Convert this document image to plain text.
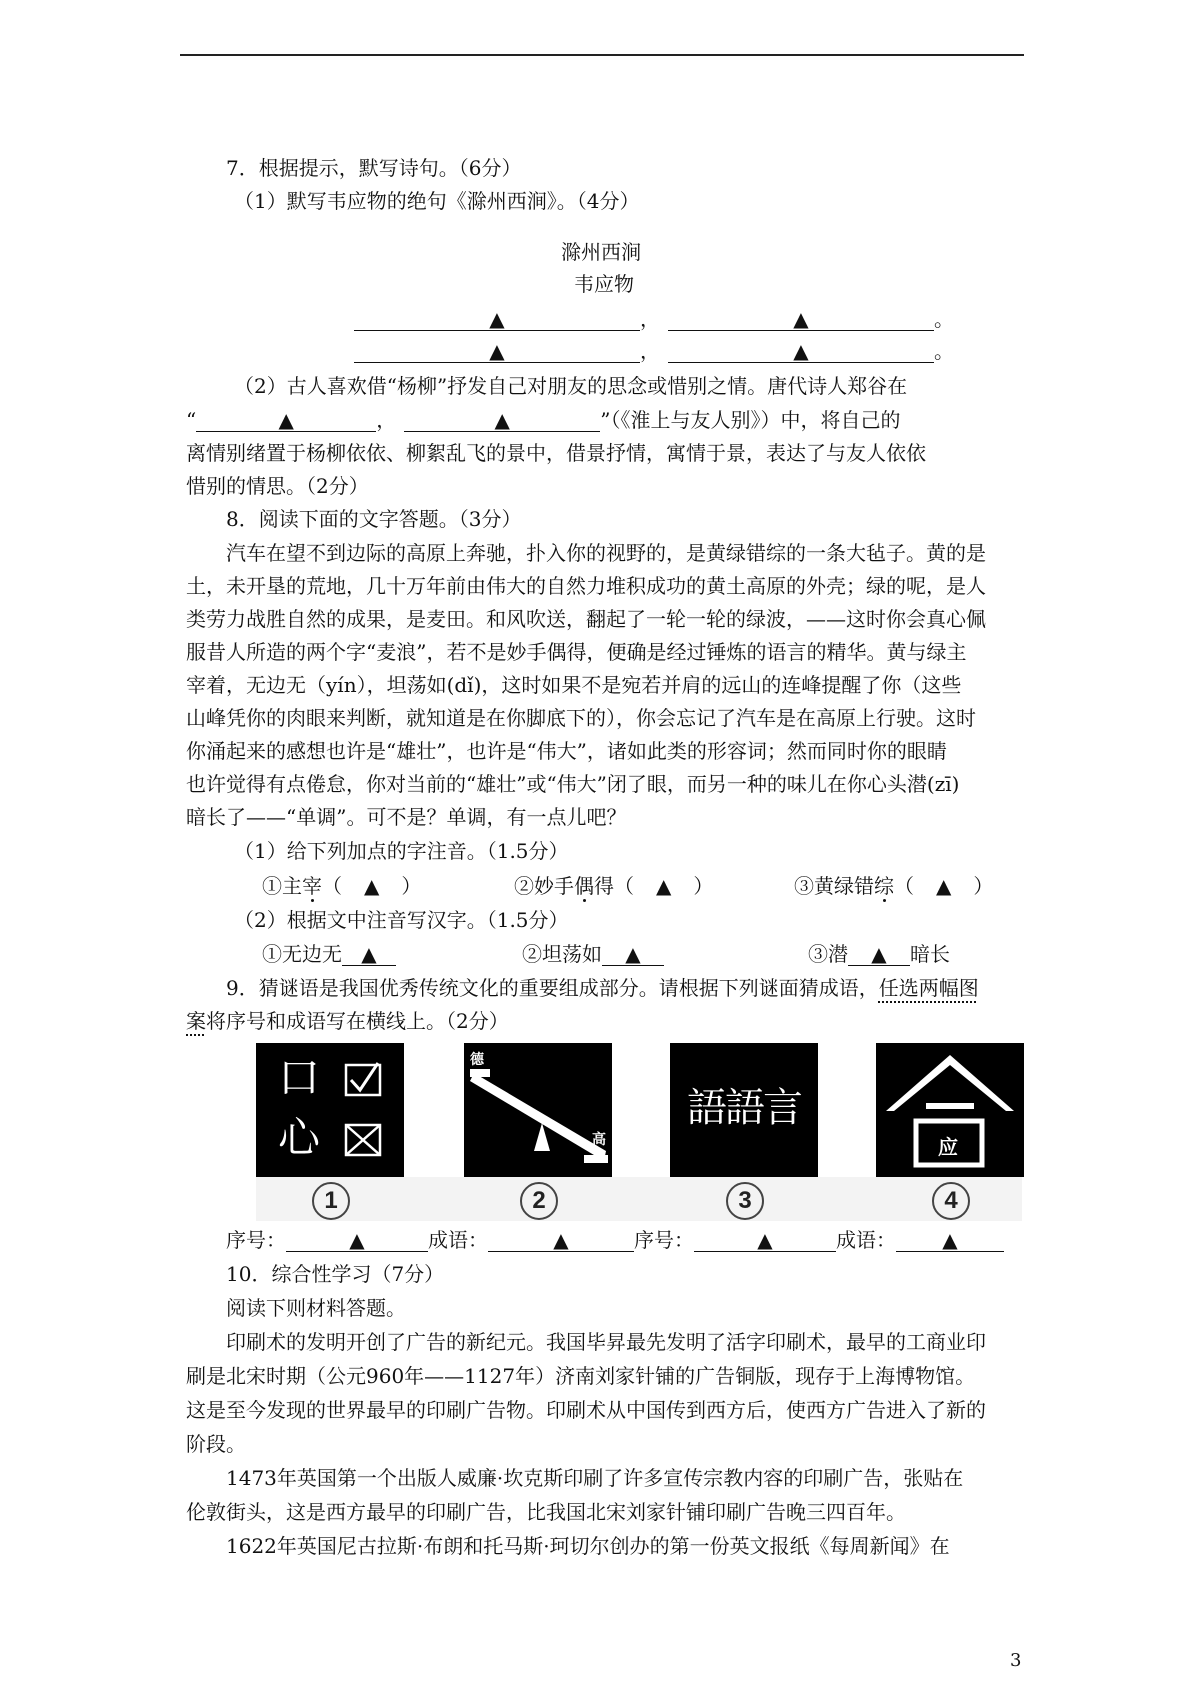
7．根据提示，默写诗句。（6分）
（1）默写韦应物的绝句《滁州西涧》。（4分）
滁州西涧
韦应物
▲	，	▲	。
▲	，	▲	。
（2）古人喜欢借“杨柳”抒发自己对朋友的思念或惜别之情。唐代诗人郑谷在
“	▲	，	▲	”（《淮上与友人别》）中，将自己的
离情别绪置于杨柳依依、柳絮乱飞的景中，借景抒情，寓情于景，表达了与友人依依
惜别的情思。（2分）
8．阅读下面的文字答题。（3分）
汽车在望不到边际的高原上奔驰，扑入你的视野的，是黄绿错综的一条大毡子。黄的是
土，未开垦的荒地，几十万年前由伟大的自然力堆积成功的黄土高原的外壳；绿的呢，是人
类劳力战胜自然的成果，是麦田。和风吹送，翻起了一轮一轮的绿波，——这时你会真心佩
服昔人所造的两个字“麦浪”，若不是妙手偶得，便确是经过锤炼的语言的精华。黄与绿主
宰着，无边无（yín），坦荡如(dǐ)，这时如果不是宛若并肩的远山的连峰提醒了你（这些
山峰凭你的肉眼来判断，就知道是在你脚底下的），你会忘记了汽车是在高原上行驶。这时
你涌起来的感想也许是“雄壮”，也许是“伟大”，诸如此类的形容词；然而同时你的眼睛
也许觉得有点倦怠，你对当前的“雄壮”或“伟大”闭了眼，而另一种的味儿在你心头潜(zī)
暗长了——“单调”。可不是？单调，有一点儿吧？
（1）给下列加点的字注音。（1.5分）
①主宰（ ▲ ）	②妙手偶得（ ▲ ）	③黄绿错综（ ▲ ）
（2）根据文中注音写汉字。（1.5分）
①无边无 ▲	②坦荡如 ▲	③潜 ▲ 暗长
9．猜谜语是我国优秀传统文化的重要组成部分。请根据下列谜面猜成语，任选两幅图
案将序号和成语写在横线上。（2分）
口
心
德
高
語語言
应
1	2	3	4
序号：	▲	成语：	▲	序号：	▲	成语： ▲
10．综合性学习（7分）
阅读下则材料答题。
印刷术的发明开创了广告的新纪元。我国毕昇最先发明了活字印刷术，最早的工商业印
刷是北宋时期（公元960年——1127年）济南刘家针铺的广告铜版，现存于上海博物馆。
这是至今发现的世界最早的印刷广告物。印刷术从中国传到西方后，使西方广告进入了新的
阶段。
1473年英国第一个出版人威廉·坎克斯印刷了许多宣传宗教内容的印刷广告，张贴在
伦敦街头，这是西方最早的印刷广告，比我国北宋刘家针铺印刷广告晚三四百年。
1622年英国尼古拉斯·布朗和托马斯·珂切尔创办的第一份英文报纸《每周新闻》在
3
